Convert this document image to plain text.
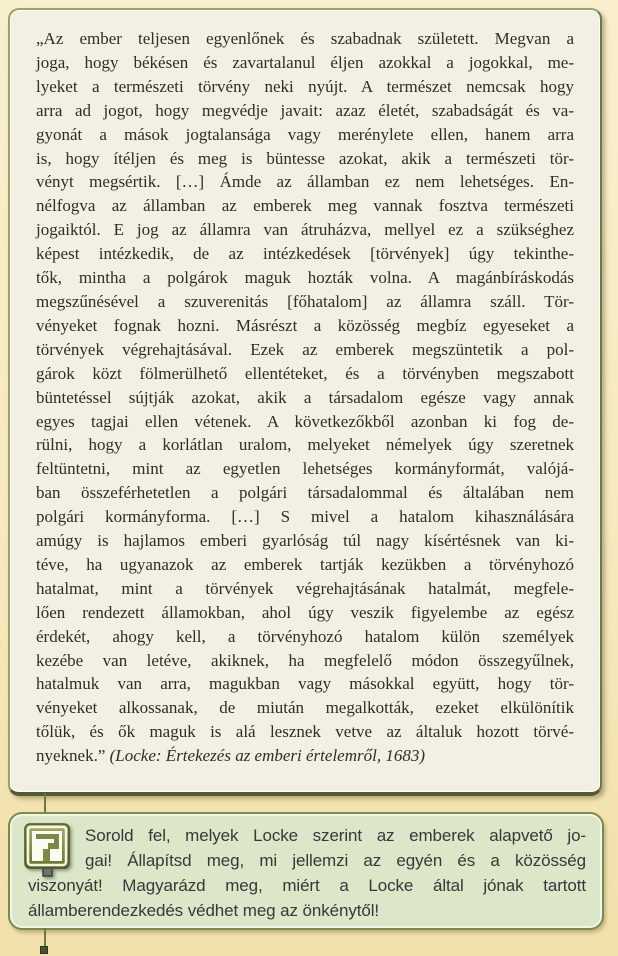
„Az ember teljesen egyenlőnek és szabadnak született. Megvan a
joga, hogy békésen és zavartalanul éljen azokkal a jogokkal, me-
lyeket a természeti törvény neki nyújt. A természet nemcsak hogy
arra ad jogot, hogy megvédje javait: azaz életét, szabadságát és va-
gyonát a mások jogtalansága vagy merénylete ellen, hanem arra
is, hogy ítéljen és meg is büntesse azokat, akik a természeti tör-
vényt megsértik. […] Ámde az államban ez nem lehetséges. En-
nélfogva az államban az emberek meg vannak fosztva természeti
jogaiktól. E jog az államra van átruházva, mellyel ez a szükséghez
képest intézkedik, de az intézkedések [törvények] úgy tekinthe-
tők, mintha a polgárok maguk hozták volna. A magánbíráskodás
megszűnésével a szuverenitás [főhatalom] az államra száll. Tör-
vényeket fognak hozni. Másrészt a közösség megbíz egyeseket a
törvények végrehajtásával. Ezek az emberek megszüntetik a pol-
gárok közt fölmerülhető ellentéteket, és a törvényben megszabott
büntetéssel sújtják azokat, akik a társadalom egésze vagy annak
egyes tagjai ellen vétenek. A következőkből azonban ki fog de-
rülni, hogy a korlátlan uralom, melyeket némelyek úgy szeretnek
feltüntetni, mint az egyetlen lehetséges kormányformát, valójá-
ban összeférhetetlen a polgári társadalommal és általában nem
polgári kormányforma. […] S mivel a hatalom kihasználására
amúgy is hajlamos emberi gyarlóság túl nagy kísértésnek van ki-
téve, ha ugyanazok az emberek tartják kezükben a törvényhozó
hatalmat, mint a törvények végrehajtásának hatalmát, megfele-
lően rendezett államokban, ahol úgy veszik figyelembe az egész
érdekét, ahogy kell, a törvényhozó hatalom külön személyek
kezébe van letéve, akiknek, ha megfelelő módon összegyűlnek,
hatalmuk van arra, magukban vagy másokkal együtt, hogy tör-
vényeket alkossanak, de miután megalkották, ezeket elkülönítik
tőlük, és ők maguk is alá lesznek vetve az általuk hozott törvé-
nyeknek.” (Locke: Értekezés az emberi értelemről, 1683)
Sorold fel, melyek Locke szerint az emberek alapvető jo-
gai! Állapítsd meg, mi jellemzi az egyén és a közösség
viszonyát! Magyarázd meg, miért a Locke által jónak tartott
államberendezkedés védhet meg az önkénytől!
